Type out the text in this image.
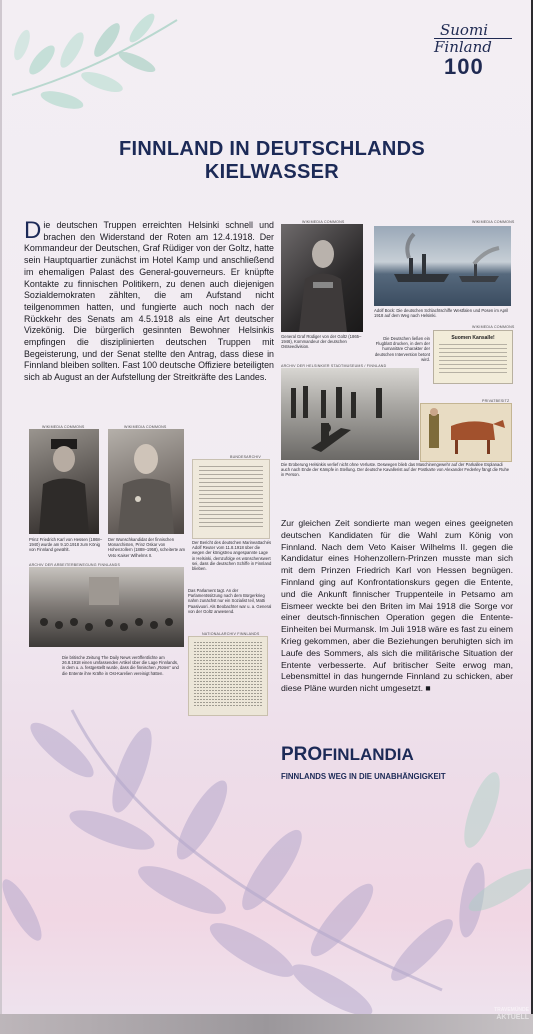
Suomi
Finland
100
FINNLAND IN DEUTSCHLANDS
KIELWASSER
Die deutschen Truppen erreichten Helsinki schnell und brachen den Widerstand der Roten am 12.4.1918. Der Kommandeur der Deutschen, Graf Rüdiger von der Goltz, hatte sein Hauptquartier zunächst im Hotel Kamp und anschließend im ehemaligen Palast des General-gouverneurs. Er knüpfte Kontakte zu finnischen Politikern, zu denen auch diejenigen Sozialdemokraten zählten, die am Aufstand nicht teilgenommen hatten, und fungierte auch noch nach der Rückkehr des Senats am 4.5.1918 als eine Art deutscher Vizekönig. Die bürgerlich gesinnten Bewohner Helsinkis empfingen die disziplinierten deutschen Truppen mit Begeisterung, und der Senat stellte den Antrag, dass diese in Finnland bleiben sollten. Fast 100 deutsche Offiziere beteiligten sich ab August an der Aufstellung der Streitkräfte des Landes.
WIKIMEDIA COMMONS
General Graf Rüdiger von der Goltz (1865–1946), Kommandeur der deutschen Ostseedivision.
WIKIMEDIA COMMONS
Adolf Bock: Die deutschen Schlachtschiffe Westfalen und Posen im April 1918 auf dem Weg nach Helsinki.
WIKIMEDIA COMMONS
Suomen Kansalle!
Die Deutschen ließen ein Flugblatt drucken, in dem der humanitäre Charakter der deutschen Intervention betont wird.
ARCHIV DER HELSINKIER STADTMUSEUMS / FINNLAND
PRIVATBESITZ
Die Eroberung Helsinkis verlief nicht ohne Verluste. Deswegen blieb das Maschinengewehr auf der Parkallee Esplanadi auch nach Ende der Kämpfe in Stellung. Der deutsche Kavallerist auf der Postkarte von Alexander Federley fängt die Ruhe in Person.
Zur gleichen Zeit sondierte man wegen eines geeigneten deutschen Kandidaten für die Wahl zum König von Finnland. Nach dem Veto Kaiser Wilhelms II. gegen die Kandidatur eines Hohenzollern-Prinzen musste man sich mit dem Prinzen Friedrich Karl von Hessen begnügen. Finnland ging auf Konfrontationskurs gegen die Entente, und die Ankunft finnischer Truppenteile in Petsamo am Eismeer weckte bei den Briten im Mai 1918 die Sorge vor einer deutsch-finnischen Operation gegen die Entente-Einheiten bei Murmansk. Im Juli 1918 wäre es fast zu einem Krieg gekommen, aber die Beziehungen beruhigten sich im Laufe des Sommers, als sich die militärische Situation der Entente verbesserte. Auf britischer Seite erwog man, Lebensmittel in das hungernde Finnland zu schicken, aber diese Pläne wurden nicht umgesetzt. ■
WIKIMEDIA COMMONS
Prinz Friedrich Karl von Hessen (1868–1940) wurde am 9.10.1918 zum König von Finnland gewählt.
WIKIMEDIA COMMONS
Der Wunschkandidat der finnischen Monarchisten, Prinz Oskar von Hohenzollern (1888–1958), scheiterte am Veto Kaiser Wilhelms II.
BUNDESARCHIV
Der Bericht des deutschen Marineattachés Adolf Reuter vom 11.8.1918 über die wegen der königstreu angespannte Lage in Helsinki, demzufolge es wünschenswert sei, dass die deutschen Schiffe in Finnland blieben.
ARCHIV DER ARBEITERBEWEGUNG FINNLANDS
Das Parlament tagt. An der Parlamentssitzung nach dem Bürgerkrieg nahm zunächst nur ein Sozialist teil, Matti Paasivuori. Als Beobachter war u. a. General von der Goltz anwesend.
NATIONALARCHIV FINNLANDS
Die britische Zeitung The Daily News veröffentlichte am 26.8.1918 einen umfassenden Artikel über die Lage Finnlands, in dem u. a. festgestellt wurde, dass die finnischen „Roten“ und die Entente ihre Kräfte in Ost-Karelien vereinigt hätten.
PROFINLANDIA
FINNLANDS WEG IN DIE UNABHÄNGIGKEIT
TRAVEMÜNDE
AKTUELL
